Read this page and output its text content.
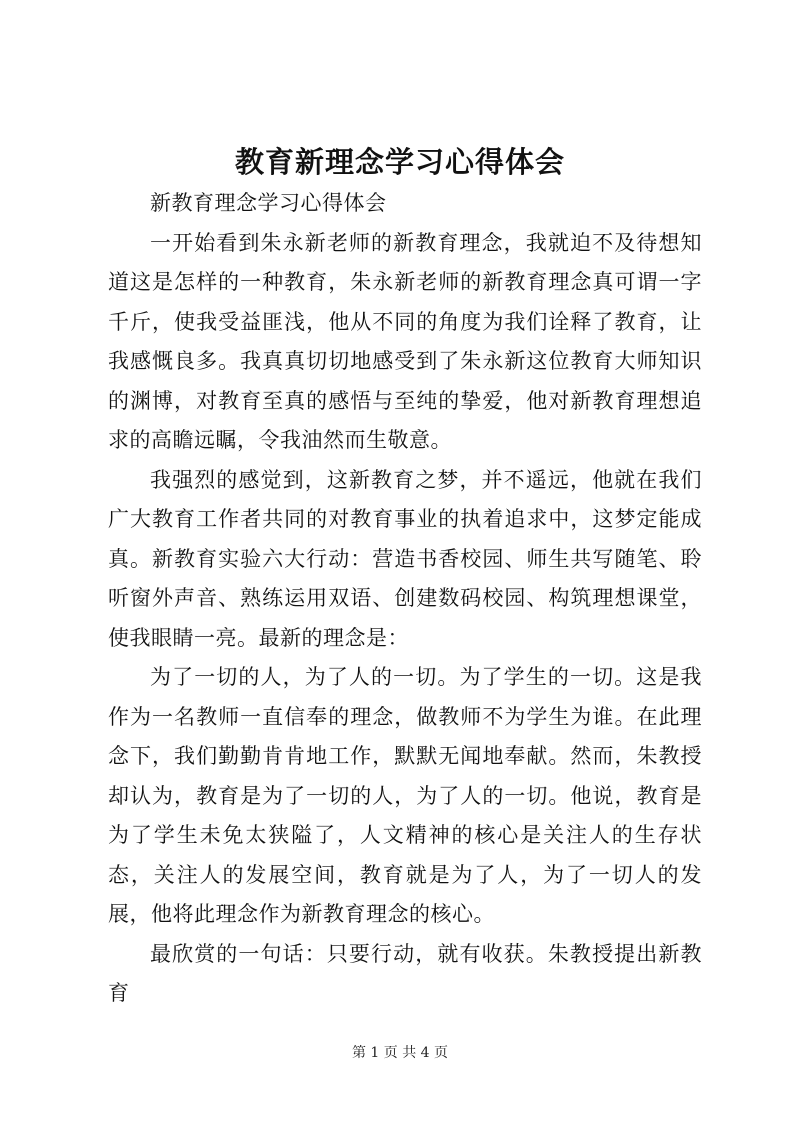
教育新理念学习心得体会

新教育理念学习心得体会

一开始看到朱永新老师的新教育理念，我就迫不及待想知道这是怎样的一种教育，朱永新老师的新教育理念真可谓一字千斤，使我受益匪浅，他从不同的角度为我们诠释了教育，让我感慨良多。我真真切切地感受到了朱永新这位教育大师知识的渊博，对教育至真的感悟与至纯的挚爱，他对新教育理想追求的高瞻远瞩，令我油然而生敬意。

我强烈的感觉到，这新教育之梦，并不遥远，他就在我们广大教育工作者共同的对教育事业的执着追求中，这梦定能成真。新教育实验六大行动：营造书香校园、师生共写随笔、聆听窗外声音、熟练运用双语、创建数码校园、构筑理想课堂，使我眼睛一亮。最新的理念是：

为了一切的人，为了人的一切。为了学生的一切。这是我作为一名教师一直信奉的理念，做教师不为学生为谁。在此理念下，我们勤勤肯肯地工作，默默无闻地奉献。然而，朱教授却认为，教育是为了一切的人，为了人的一切。他说，教育是为了学生未免太狭隘了，人文精神的核心是关注人的生存状态，关注人的发展空间，教育就是为了人，为了一切人的发展，他将此理念作为新教育理念的核心。

最欣赏的一句话：只要行动，就有收获。朱教授提出新教育

第 1 页 共 4 页
